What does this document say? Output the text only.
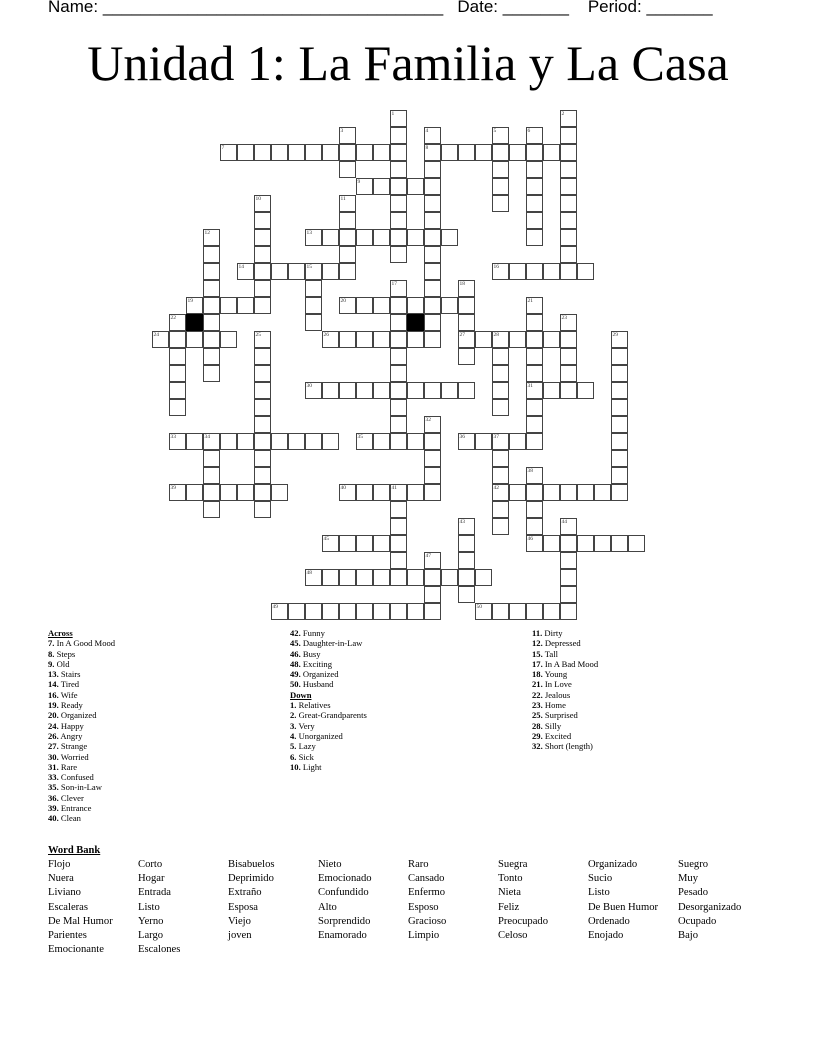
Name: ____________________________________ Date: _______ Period: _______
Unidad 1: La Familia y La Casa
1	2
3	4
8
5	6
7
9
10	11
12	13
14	15	16
17	18
27
19	20	21
31
22	23
24	25	26	28	29
30
32
33	34	35	36	37
42
38
46
39	40	41
43	44
45
47
48
49	50
Across
7. In A Good Mood
8. Steps
9. Old
13. Stairs
14. Tired
16. Wife
19. Ready
20. Organized
24. Happy
26. Angry
27. Strange
30. Worried
31. Rare
33. Confused
35. Son-in-Law
36. Clever
39. Entrance
40. Clean
42. Funny
45. Daughter-in-Law
46. Busy
48. Exciting
49. Organized
50. Husband
Down
1. Relatives
2. Great-Grandparents
3. Very
4. Unorganized
5. Lazy
6. Sick
10. Light
11. Dirty
12. Depressed
15. Tall
17. In A Bad Mood
18. Young
21. In Love
22. Jealous
23. Home
25. Surprised
28. Silly
29. Excited
32. Short (length)
Word Bank
Flojo
Nuera
Liviano
Escaleras
De Mal Humor
Parientes
Emocionante
Corto
Hogar
Entrada
Listo
Yerno
Largo
Escalones
Bisabuelos
Deprimido
Extraño
Esposa
Viejo
joven
Nieto
Emocionado
Confundido
Alto
Sorprendido
Enamorado
Raro
Cansado
Enfermo
Esposo
Gracioso
Limpio
Suegra
Tonto
Nieta
Feliz
Preocupado
Celoso
Organizado
Sucio
Listo
De Buen Humor
Ordenado
Enojado
Suegro
Muy
Pesado
Desorganizado
Ocupado
Bajo
